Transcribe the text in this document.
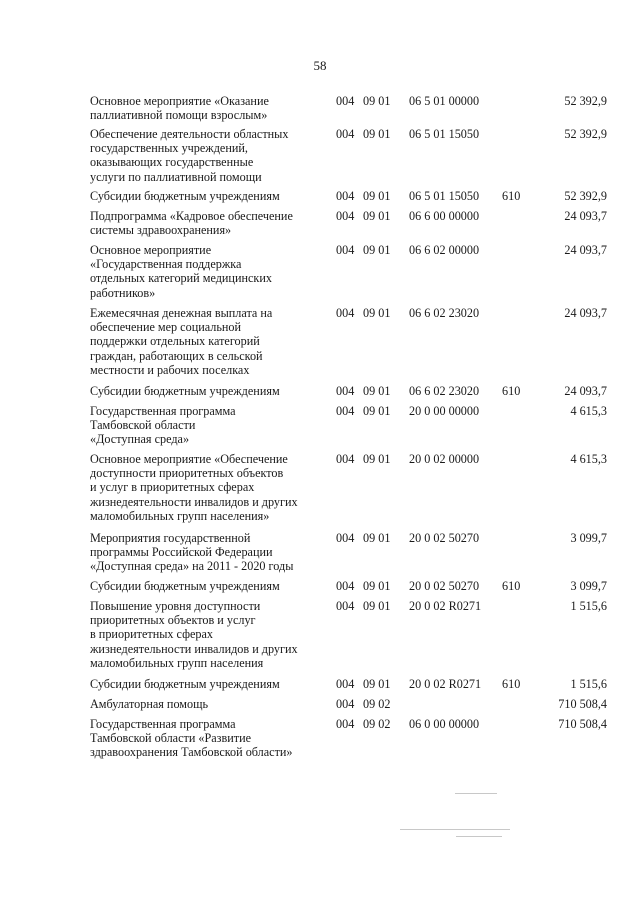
58
Основное мероприятие «Оказание
паллиативной помощи взрослым»
004 09 01 06 5 01 00000	52 392,9
Обеспечение деятельности областных
государственных учреждений,
оказывающих государственные
услуги по паллиативной помощи
004 09 01 06 5 01 15050	52 392,9
Субсидии бюджетным учреждениям	004 09 01 06 5 01 15050 610	52 392,9
Подпрограмма «Кадровое обеспечение
системы здравоохранения»
004 09 01 06 6 00 00000	24 093,7
Основное мероприятие
«Государственная поддержка
отдельных категорий медицинских
работников»
004 09 01 06 6 02 00000	24 093,7
Ежемесячная денежная выплата на
обеспечение мер социальной
поддержки отдельных категорий
граждан, работающих в сельской
местности и рабочих поселках
004 09 01 06 6 02 23020	24 093,7
Субсидии бюджетным учреждениям	004 09 01 06 6 02 23020 610	24 093,7
Государственная программа
Тамбовской области
«Доступная среда»
004 09 01 20 0 00 00000	4 615,3
Основное мероприятие «Обеспечение
доступности приоритетных объектов
и услуг в приоритетных сферах
жизнедеятельности инвалидов и других
маломобильных групп населения»
004 09 01 20 0 02 00000	4 615,3
Мероприятия государственной
программы Российской Федерации
«Доступная среда» на 2011 - 2020 годы
004 09 01 20 0 02 50270	3 099,7
Субсидии бюджетным учреждениям	004 09 01 20 0 02 50270 610	3 099,7
Повышение уровня доступности
приоритетных объектов и услуг
в приоритетных сферах
жизнедеятельности инвалидов и других
маломобильных групп населения
004 09 01 20 0 02 R0271	1 515,6
Субсидии бюджетным учреждениям	004 09 01 20 0 02 R0271 610	1 515,6
Амбулаторная помощь	004 09 02	710 508,4
Государственная программа
Тамбовской области «Развитие
здравоохранения Тамбовской области»
004 09 02 06 0 00 00000	710 508,4
